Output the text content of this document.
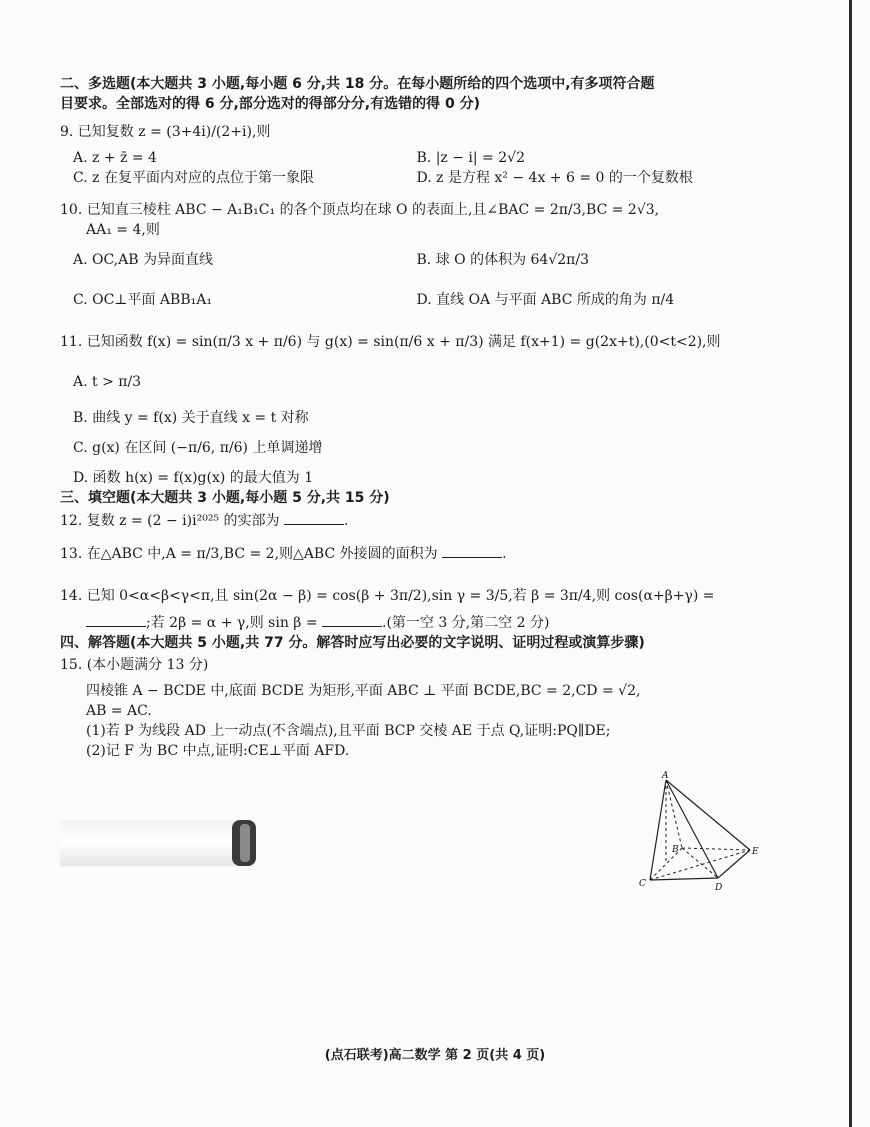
二、多选题(本大题共 3 小题,每小题 6 分,共 18 分。在每小题所给的四个选项中,有多项符合题
目要求。全部选对的得 6 分,部分选对的得部分分,有选错的得 0 分)
9. 已知复数 z = (3+4i)/(2+i),则
A. z + z̄ = 4	B. |z − i| = 2√2
C. z 在复平面内对应的点位于第一象限	D. z 是方程 x² − 4x + 6 = 0 的一个复数根
10. 已知直三棱柱 ABC − A₁B₁C₁ 的各个顶点均在球 O 的表面上,且∠BAC = 2π/3,BC = 2√3,
AA₁ = 4,则
A. OC,AB 为异面直线	B. 球 O 的体积为 64√2π/3
C. OC⊥平面 ABB₁A₁	D. 直线 OA 与平面 ABC 所成的角为 π/4
11. 已知函数 f(x) = sin(π/3 x + π/6) 与 g(x) = sin(π/6 x + π/3) 满足 f(x+1) = g(2x+t),(0<t<2),则
A. t > π/3
B. 曲线 y = f(x) 关于直线 x = t 对称
C. g(x) 在区间 (−π/6, π/6) 上单调递增
D. 函数 h(x) = f(x)g(x) 的最大值为 1
三、填空题(本大题共 3 小题,每小题 5 分,共 15 分)
12. 复数 z = (2 − i)i²⁰²⁵ 的实部为	.
13. 在△ABC 中,A = π/3,BC = 2,则△ABC 外接圆的面积为	.
14. 已知 0<α<β<γ<π,且 sin(2α − β) = cos(β + 3π/2),sin γ = 3/5,若 β = 3π/4,则 cos(α+β+γ) =
;若 2β = α + γ,则 sin β =	.(第一空 3 分,第二空 2 分)
四、解答题(本大题共 5 小题,共 77 分。解答时应写出必要的文字说明、证明过程或演算步骤)
15. (本小题满分 13 分)
四棱锥 A − BCDE 中,底面 BCDE 为矩形,平面 ABC ⊥ 平面 BCDE,BC = 2,CD = √2,
AB = AC.
(1)若 P 为线段 AD 上一动点(不含端点),且平面 BCP 交棱 AE 于点 Q,证明:PQ∥DE;
(2)记 F 为 BC 中点,证明:CE⊥平面 AFD.
A
B
C	D
E
(点石联考)高二数学 第 2 页(共 4 页)
